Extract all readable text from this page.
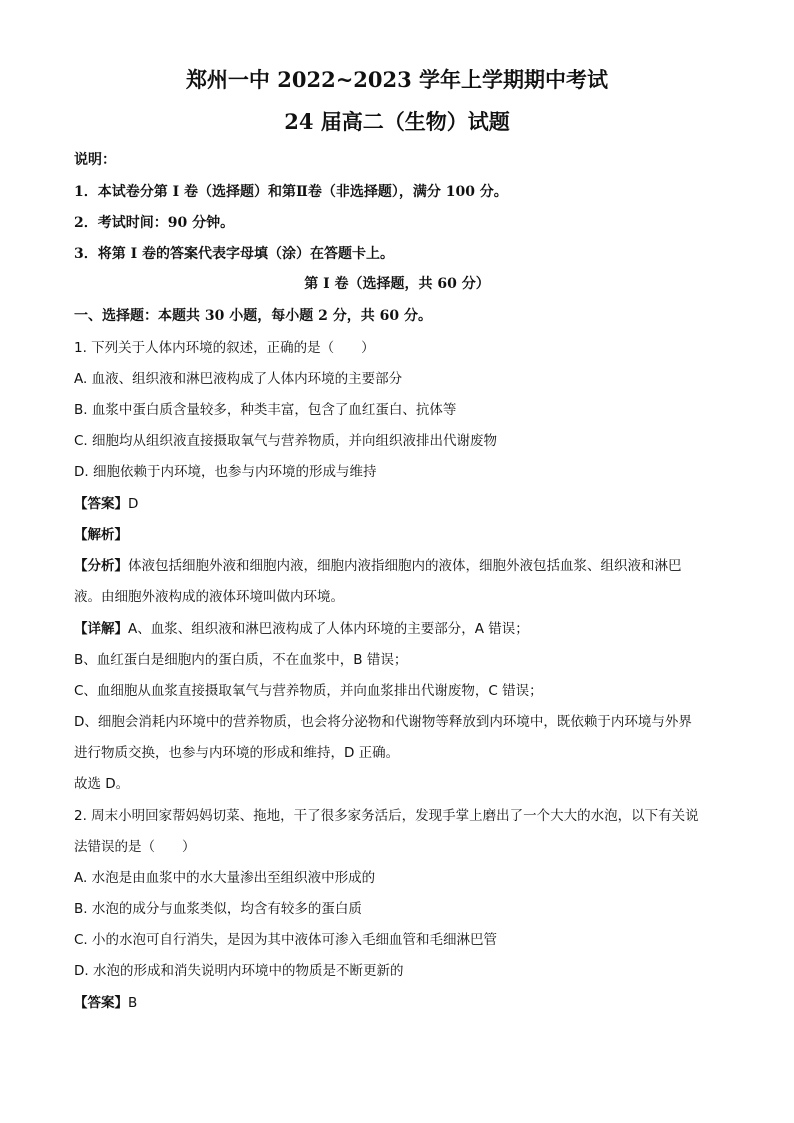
郑州一中 2022~2023 学年上学期期中考试
24 届高二（生物）试题
说明：
1．本试卷分第 I 卷（选择题）和第Ⅱ卷（非选择题），满分 100 分。
2．考试时间：90 分钟。
3．将第 I 卷的答案代表字母填（涂）在答题卡上。
第 I 卷（选择题，共 60 分）
一、选择题：本题共 30 小题，每小题 2 分，共 60 分。
1. 下列关于人体内环境的叙述，正确的是（　　）
A. 血液、组织液和淋巴液构成了人体内环境的主要部分
B. 血浆中蛋白质含量较多，种类丰富，包含了血红蛋白、抗体等
C. 细胞均从组织液直接摄取氧气与营养物质，并向组织液排出代谢废物
D. 细胞依赖于内环境，也参与内环境的形成与维持
【答案】D
【解析】
【分析】体液包括细胞外液和细胞内液，细胞内液指细胞内的液体，细胞外液包括血浆、组织液和淋巴
液。由细胞外液构成的液体环境叫做内环境。
【详解】A、血浆、组织液和淋巴液构成了人体内环境的主要部分，A 错误；
B、血红蛋白是细胞内的蛋白质，不在血浆中，B 错误；
C、血细胞从血浆直接摄取氧气与营养物质，并向血浆排出代谢废物，C 错误；
D、细胞会消耗内环境中的营养物质，也会将分泌物和代谢物等释放到内环境中，既依赖于内环境与外界
进行物质交换，也参与内环境的形成和维持，D 正确。
故选 D。
2. 周末小明回家帮妈妈切菜、拖地，干了很多家务活后，发现手掌上磨出了一个大大的水泡，以下有关说
法错误的是（　　）
A. 水泡是由血浆中的水大量渗出至组织液中形成的
B. 水泡的成分与血浆类似，均含有较多的蛋白质
C. 小的水泡可自行消失，是因为其中液体可渗入毛细血管和毛细淋巴管
D. 水泡的形成和消失说明内环境中的物质是不断更新的
【答案】B
